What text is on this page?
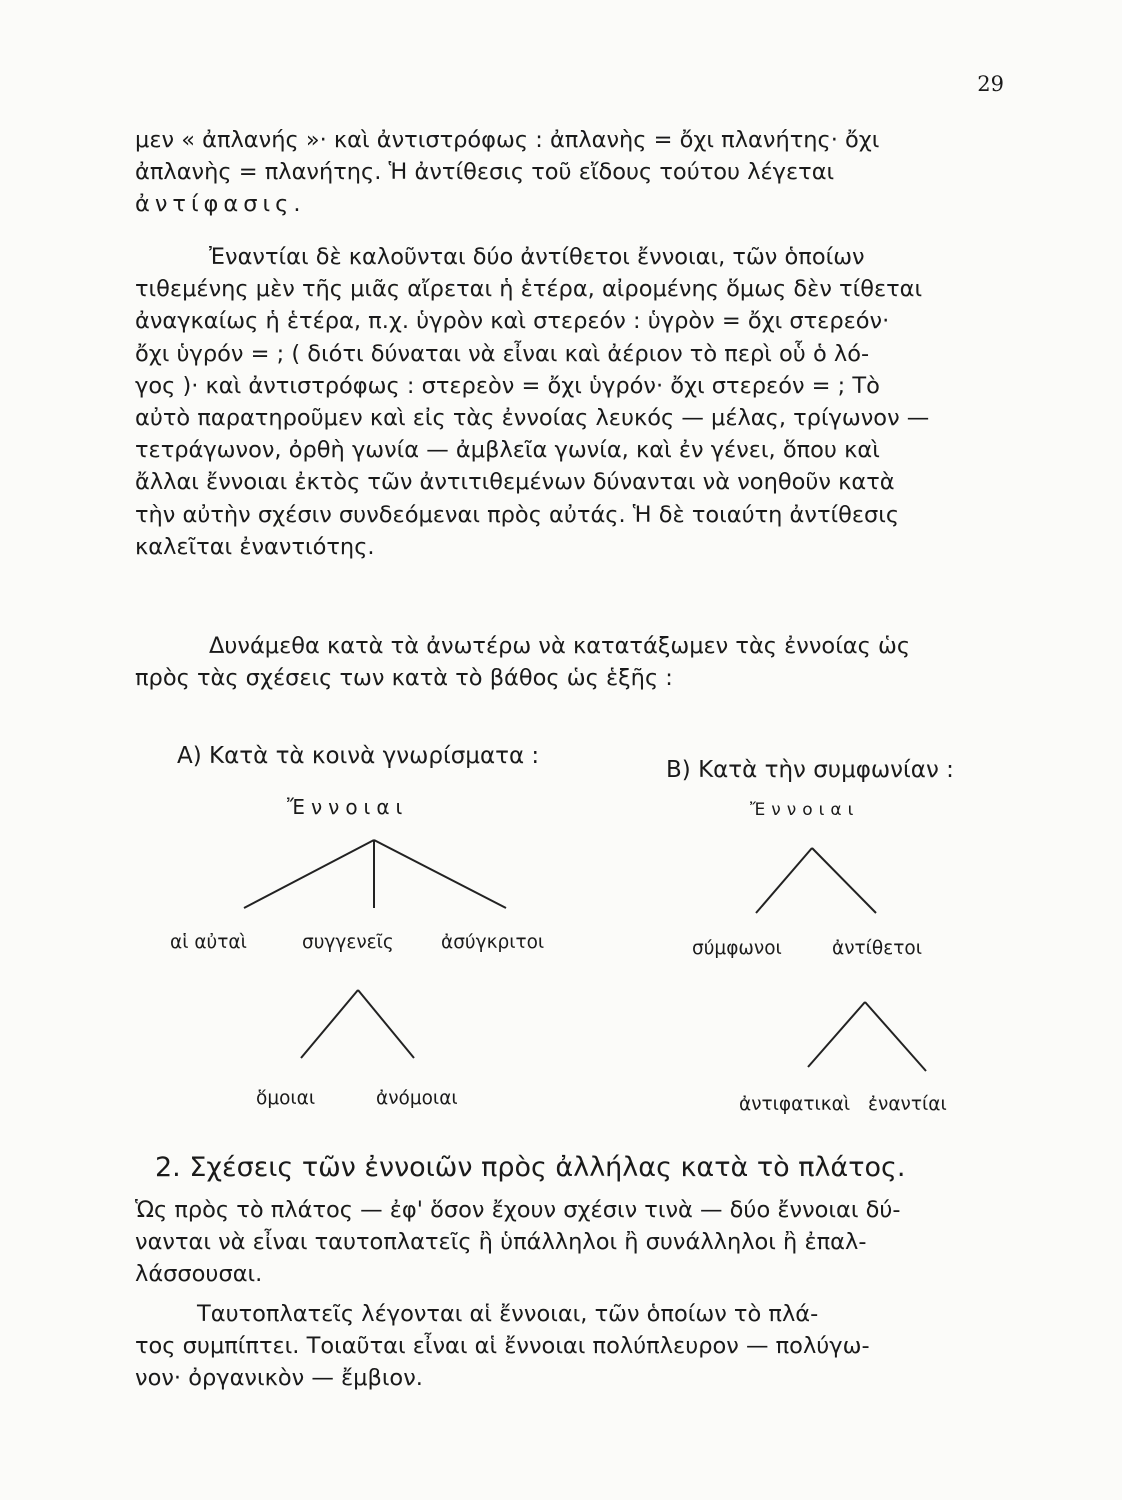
29

μεν « ἀπλανής »· καὶ ἀντιστρόφως : ἀπλανὴς = ὄχι πλανήτης· ὄχι
ἀπλανὴς = πλανήτης. Ἡ ἀντίθεσις τοῦ εἴδους τούτου λέγεται
ἀντίφασις.

Ἐναντίαι δὲ καλοῦνται δύο ἀντίθετοι ἔννοιαι, τῶν ὁποίων
τιθεμένης μὲν τῆς μιᾶς αἴρεται ἡ ἑτέρα, αἰρομένης ὅμως δὲν τίθεται
ἀναγκαίως ἡ ἑτέρα, π.χ. ὑγρὸν καὶ στερεόν : ὑγρὸν = ὄχι στερεόν·
ὄχι ὑγρόν = ; ( διότι δύναται νὰ εἶναι καὶ ἀέριον τὸ περὶ οὗ ὁ λό-
γος )· καὶ ἀντιστρόφως : στερεὸν = ὄχι ὑγρόν· ὄχι στερεόν = ; Τὸ
αὐτὸ παρατηροῦμεν καὶ εἰς τὰς ἐννοίας λευκός — μέλας, τρίγωνον —
τετράγωνον, ὀρθὴ γωνία — ἀμβλεῖα γωνία, καὶ ἐν γένει, ὅπου καὶ
ἄλλαι ἔννοιαι ἐκτὸς τῶν ἀντιτιθεμένων δύνανται νὰ νοηθοῦν κατὰ
τὴν αὐτὴν σχέσιν συνδεόμεναι πρὸς αὐτάς. Ἡ δὲ τοιαύτη ἀντίθεσις
καλεῖται ἐναντιότης.

Δυνάμεθα κατὰ τὰ ἀνωτέρω νὰ κατατάξωμεν τὰς ἐννοίας ὡς
πρὸς τὰς σχέσεις των κατὰ τὸ βάθος ὡς ἑξῆς :

A) Κατὰ τὰ κοινὰ γνωρίσματα :
B) Κατὰ τὴν συμφωνίαν :
Ἔννοιαι
αἱ αὐταὶ	συγγενεῖς	ἀσύγκριτοι
ὅμοιαι	ἀνόμοιαι
Ἔννοιαι
σύμφωνοι	ἀντίθετοι
ἀντιφατικαὶ ἐναντίαι
2. Σχέσεις τῶν ἐννοιῶν πρὸς ἀλλήλας κατὰ τὸ πλάτος.

Ὡς πρὸς τὸ πλάτος — ἐφ' ὅσον ἔχουν σχέσιν τινὰ — δύο ἔννοιαι δύ-
νανται νὰ εἶναι ταυτοπλατεῖς ἢ ὑπάλληλοι ἢ συνάλληλοι ἢ ἐπαλ-
λάσσουσαι.

Ταυτοπλατεῖς λέγονται αἱ ἔννοιαι, τῶν ὁποίων τὸ πλά-
τος συμπίπτει. Τοιαῦται εἶναι αἱ ἔννοιαι πολύπλευρον — πολύγω-
νον· ὀργανικὸν — ἔμβιον.
